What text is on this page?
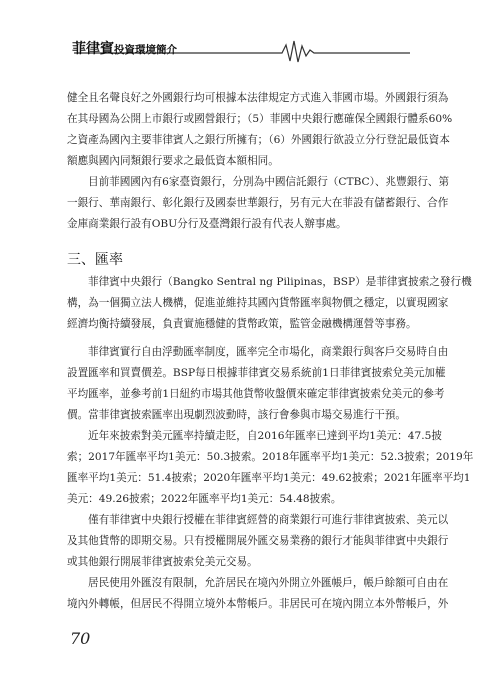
菲律賓投資環境簡介
健全且名聲良好之外國銀行均可根據本法律規定方式進入菲國市場。外國銀行須為
在其母國為公開上市銀行或國營銀行；（5）菲國中央銀行應確保全國銀行體系60%
之資產為國內主要菲律賓人之銀行所擁有；（6）外國銀行欲設立分行登記最低資本
額應與國內同類銀行要求之最低資本額相同。
目前菲國國內有6家臺資銀行，分別為中國信託銀行（CTBC）、兆豐銀行、第
一銀行、華南銀行、彰化銀行及國泰世華銀行，另有元大在菲設有儲蓄銀行、合作
金庫商業銀行設有OBU分行及臺灣銀行設有代表人辦事處。
三、匯率
菲律賓中央銀行（Bangko Sentral ng Pilipinas，BSP）是菲律賓披索之發行機
構，為一個獨立法人機構，促進並維持其國內貨幣匯率與物價之穩定，以實現國家
經濟均衡持續發展，負責實施穩健的貨幣政策，監管金融機構運營等事務。
菲律賓實行自由浮動匯率制度，匯率完全市場化，商業銀行與客戶交易時自由
設置匯率和買賣價差。BSP每日根據菲律賓交易系統前1日菲律賓披索兌美元加權
平均匯率，並參考前1日紐約市場其他貨幣收盤價來確定菲律賓披索兌美元的參考
價。當菲律賓披索匯率出現劇烈波動時，該行會參與市場交易進行干預。
近年來披索對美元匯率持續走貶，自2016年匯率已達到平均1美元：47.5披
索；2017年匯率平均1美元：50.3披索。2018年匯率平均1美元：52.3披索；2019年
匯率平均1美元：51.4披索；2020年匯率平均1美元：49.62披索；2021年匯率平均1
美元：49.26披索；2022年匯率平均1美元：54.48披索。
僅有菲律賓中央銀行授權在菲律賓經營的商業銀行可進行菲律賓披索、美元以
及其他貨幣的即期交易。只有授權開展外匯交易業務的銀行才能與菲律賓中央銀行
或其他銀行開展菲律賓披索兌美元交易。
居民使用外匯沒有限制，允許居民在境內外開立外匯帳戶，帳戶餘額可自由在
境內外轉帳，但居民不得開立境外本幣帳戶。非居民可在境內開立本外幣帳戶，外
70
